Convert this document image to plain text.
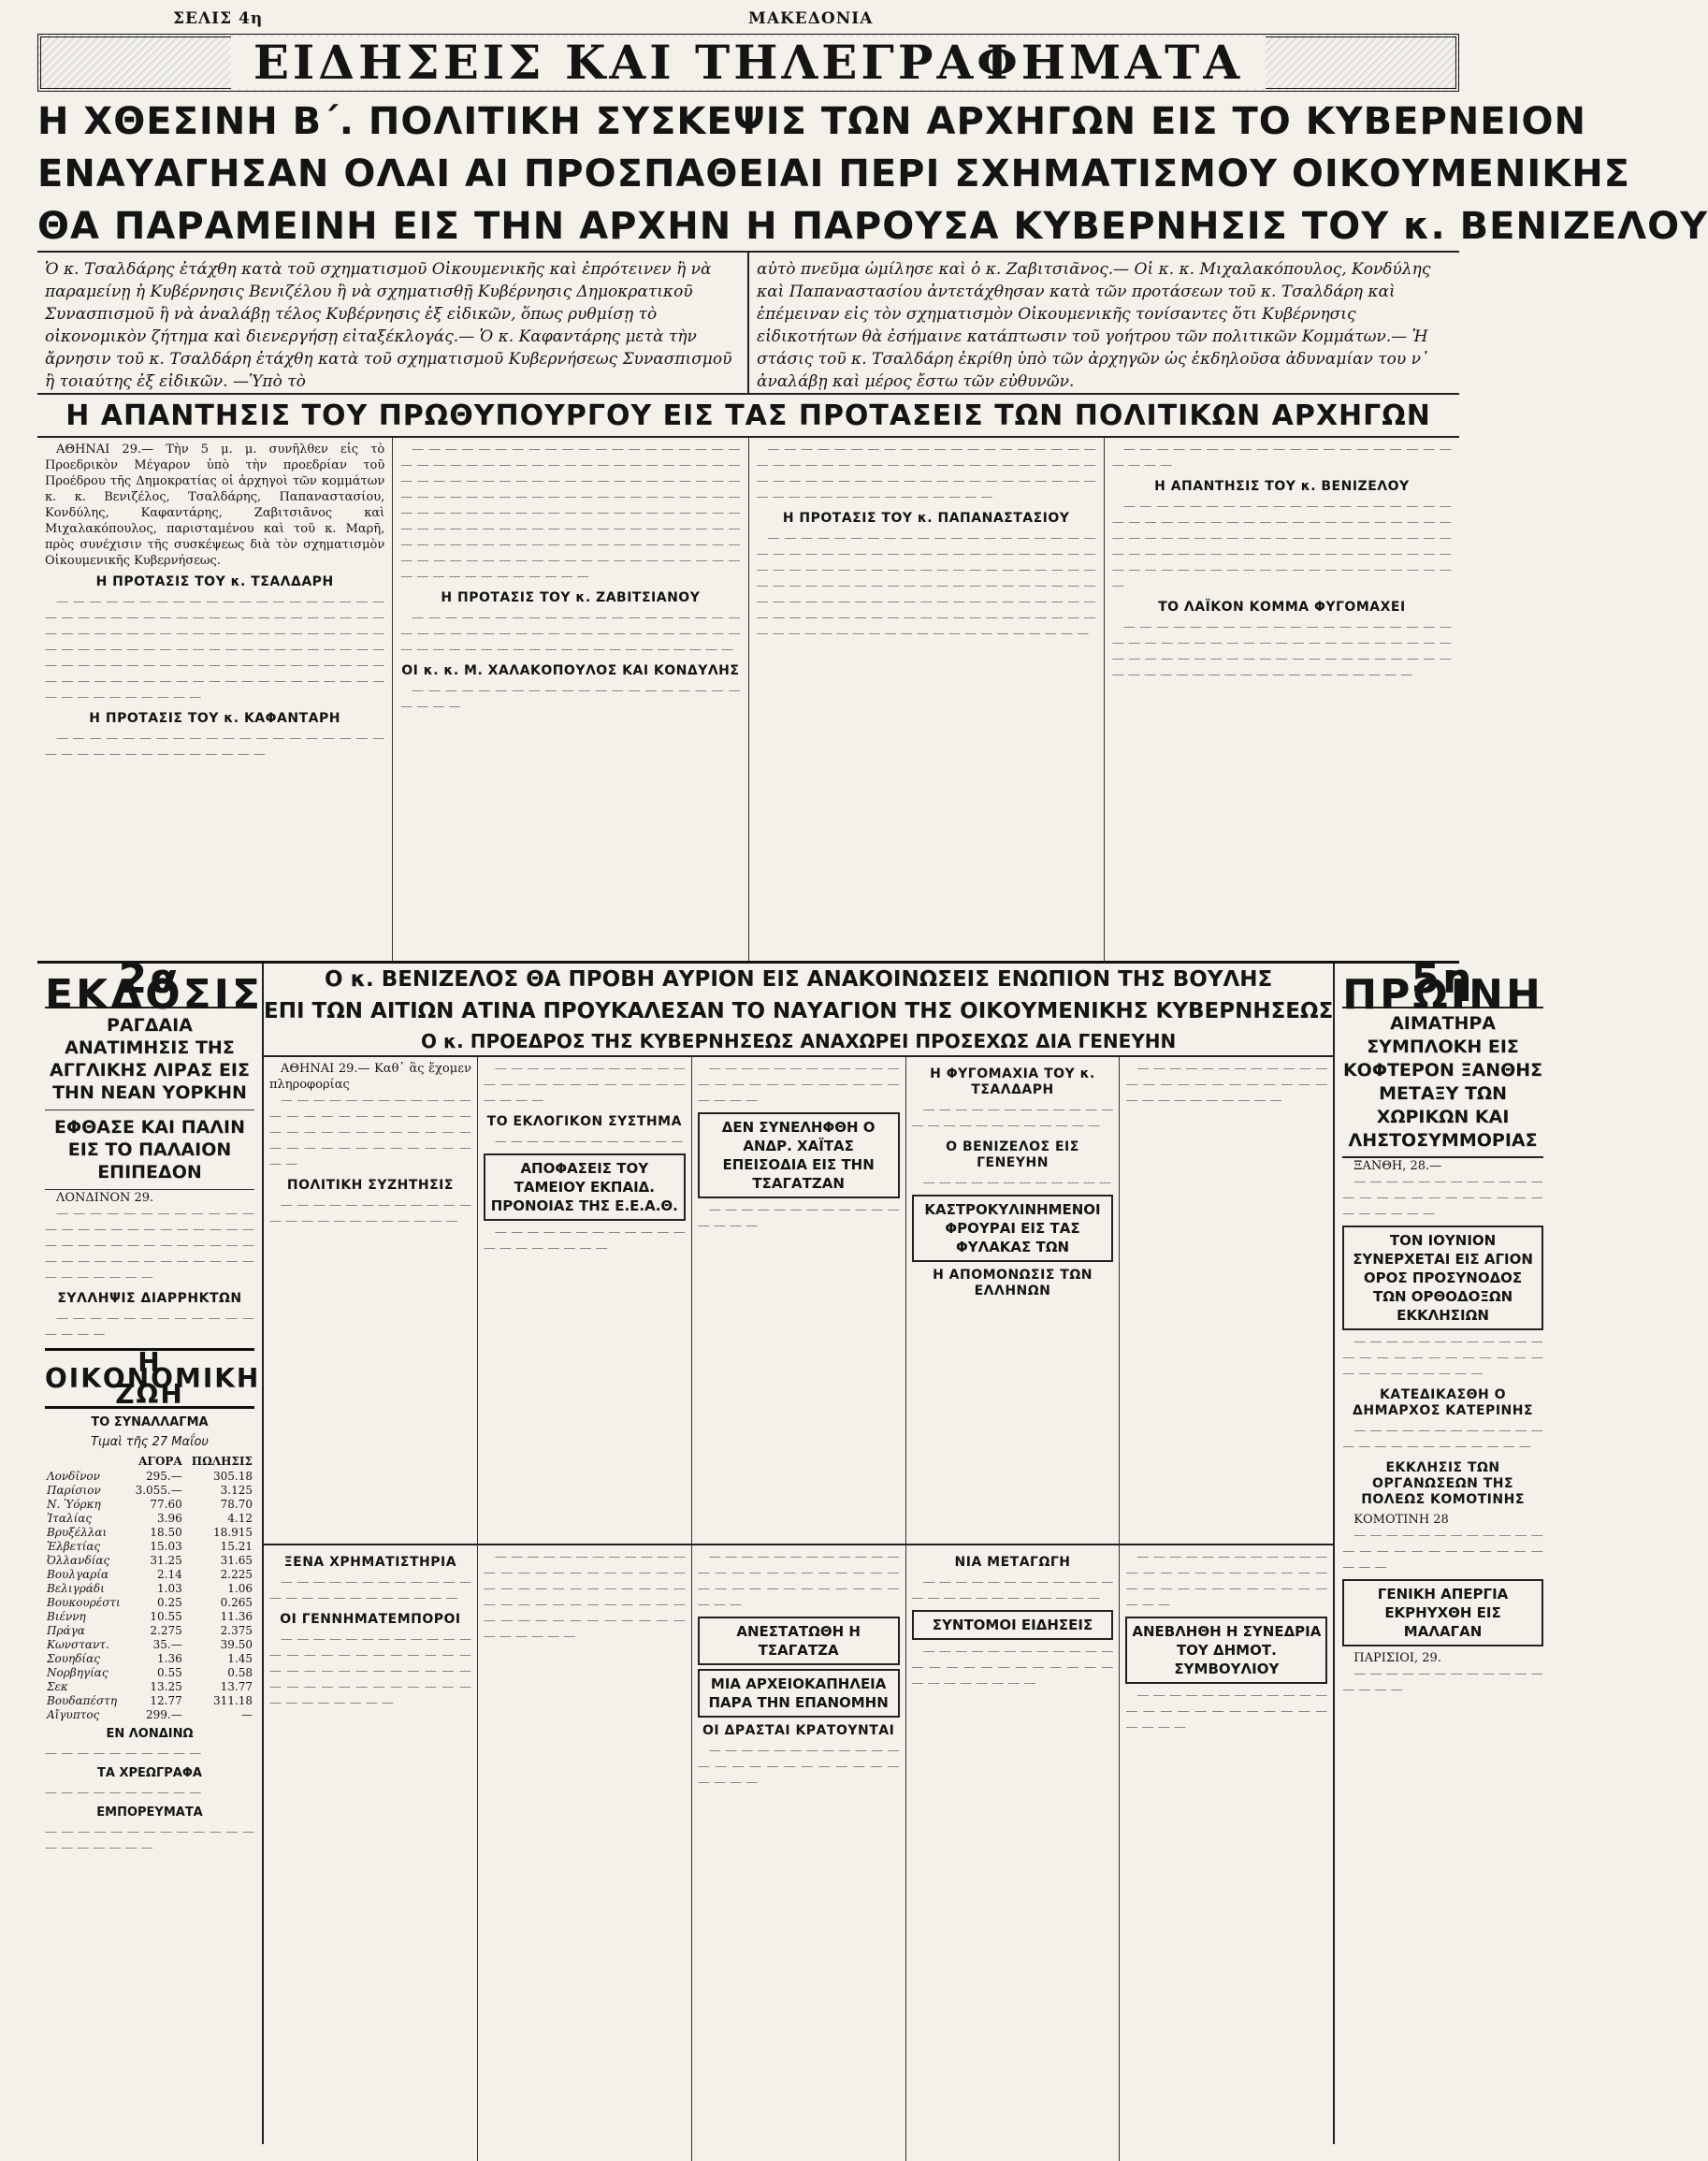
ΣΕΛΙΣ 4η	ΜΑΚΕΔΟΝΙΑ
ΕΙΔΗΣΕΙΣ ΚΑΙ ΤΗΛΕΓΡΑΦΗΜΑΤΑ
Η ΧΘΕΣΙΝΗ Β΄. ΠΟΛΙΤΙΚΗ ΣΥΣΚΕΨΙΣ ΤΩΝ ΑΡΧΗΓΩΝ ΕΙΣ ΤΟ ΚΥΒΕΡΝΕΙΟΝ
ΕΝΑΥΑΓΗΣΑΝ ΟΛΑΙ ΑΙ ΠΡΟΣΠΑΘΕΙΑΙ ΠΕΡΙ ΣΧΗΜΑΤΙΣΜΟΥ ΟΙΚΟΥΜΕΝΙΚΗΣ
ΘΑ ΠΑΡΑΜΕΙΝΗ ΕΙΣ ΤΗΝ ΑΡΧΗΝ Η ΠΑΡΟΥΣΑ ΚΥΒΕΡΝΗΣΙΣ ΤΟΥ κ. ΒΕΝΙΖΕΛΟΥ
Ὁ κ. Τσαλδάρης ἐτάχθη κατὰ τοῦ σχηματισμοῦ Οἰκουμενικῆς καὶ ἐπρότεινεν ἢ νὰ παραμείνῃ ἡ Κυβέρνησις Βενιζέλου ἢ νὰ σχηματισθῇ Κυβέρνησις Δημοκρατικοῦ Συνασπισμοῦ ἢ νὰ ἀναλάβῃ τέλος Κυβέρνησις ἐξ εἰδικῶν, ὅπως ρυθμίσῃ τὸ οἰκονομικὸν ζήτημα καὶ διενεργήσῃ εἰταξέκλογάς.— Ὁ κ. Καφαντάρης μετὰ τὴν ἄρνησιν τοῦ κ. Τσαλδάρη ἐτάχθη κατὰ τοῦ σχηματισμοῦ Κυβερνήσεως Συνασπισμοῦ ἢ τοιαύτης ἐξ εἰδικῶν. —Ὑπὸ τὸ
αὐτὸ πνεῦμα ὡμίλησε καὶ ὁ κ. Ζαβιτσιᾶνος.— Οἱ κ. κ. Μιχαλακόπουλος, Κονδύλης καὶ Παπαναστασίου ἀντετάχθησαν κατὰ τῶν προτάσεων τοῦ κ. Τσαλδάρη καὶ ἐπέμειναν εἰς τὸν σχηματισμὸν Οἰκουμενικῆς τονίσαντες ὅτι Κυβέρνησις εἰδικοτήτων θὰ ἐσήμαινε κατάπτωσιν τοῦ γοήτρου τῶν πολιτικῶν Κομμάτων.— Ἡ στάσις τοῦ κ. Τσαλδάρη ἐκρίθη ὑπὸ τῶν ἀρχηγῶν ὡς ἐκδηλοῦσα ἀδυναμίαν του ν᾽ ἀναλάβῃ καὶ μέρος ἔστω τῶν εὐθυνῶν.
Η ΑΠΑΝΤΗΣΙΣ ΤΟΥ ΠΡΩΘΥΠΟΥΡΓΟΥ ΕΙΣ ΤΑΣ ΠΡΟΤΑΣΕΙΣ ΤΩΝ ΠΟΛΙΤΙΚΩΝ ΑΡΧΗΓΩΝ

ΑΘΗΝΑΙ 29.— Τὴν 5 μ. μ. συνῆλθεν εἰς τὸ Προεδρικὸν Μέγαρον ὑπὸ τὴν προεδρίαν τοῦ Προέδρου τῆς Δημοκρατίας οἱ ἀρχηγοὶ τῶν κομμάτων κ. κ. Βενιζέλος, Τσαλδάρης, Παπαναστασίου, Κονδύλης, Καφαντάρης, Ζαβιτσιᾶνος καὶ Μιχαλακόπουλος, παρισταμένου καὶ τοῦ κ. Μαρῆ, πρὸς συνέχισιν τῆς συσκέψεως διὰ τὸν σχηματισμὸν Οἰκουμενικῆς Κυβερνήσεως.

Η ΠΡΟΤΑΣΙΣ ΤΟΥ κ. ΤΣΑΛΔΑΡΗ

— — — — — — — — — — — — — — — — — — — — — — — — — — — — — — — — — — — — — — — — — — — — — — — — — — — — — — — — — — — — — — — — — — — — — — — — — — — — — — — — — — — — — — — — — — — — — — — — — — — — — — — — — — — — — — — — — — — — — — — — — — — — — — — — — — — — — — —

Η ΠΡΟΤΑΣΙΣ ΤΟΥ κ. ΚΑΦΑΝΤΑΡΗ

— — — — — — — — — — — — — — — — — — — — — — — — — — — — — — — — — —

— — — — — — — — — — — — — — — — — — — — — — — — — — — — — — — — — — — — — — — — — — — — — — — — — — — — — — — — — — — — — — — — — — — — — — — — — — — — — — — — — — — — — — — — — — — — — — — — — — — — — — — — — — — — — — — — — — — — — — — — — — — — — — — — — — — — — — — — — — — — — — — — — — — — — — — — — — — — — — — — — — — — — — — — — — — — — — — — — — —

Η ΠΡΟΤΑΣΙΣ ΤΟΥ κ. ΖΑΒΙΤΣΙΑΝΟΥ

— — — — — — — — — — — — — — — — — — — — — — — — — — — — — — — — — — — — — — — — — — — — — — — — — — — — — — — — — — — — — —

ΟΙ κ. κ. Μ. ΧΑΛΑΚΟΠΟΥΛΟΣ ΚΑΙ ΚΟΝΔΥΛΗΣ

— — — — — — — — — — — — — — — — — — — — — — — —

— — — — — — — — — — — — — — — — — — — — — — — — — — — — — — — — — — — — — — — — — — — — — — — — — — — — — — — — — — — — — — — — — — — — — — — — — — — — —

Η ΠΡΟΤΑΣΙΣ ΤΟΥ κ. ΠΑΠΑΝΑΣΤΑΣΙΟΥ

— — — — — — — — — — — — — — — — — — — — — — — — — — — — — — — — — — — — — — — — — — — — — — — — — — — — — — — — — — — — — — — — — — — — — — — — — — — — — — — — — — — — — — — — — — — — — — — — — — — — — — — — — — — — — — — — — — — — — — — — — — — — — — — — — — — — — — — — — — — — — — — — — —

— — — — — — — — — — — — — — — — — — — — — — — —

Η ΑΠΑΝΤΗΣΙΣ ΤΟΥ κ. ΒΕΝΙΖΕΛΟΥ

— — — — — — — — — — — — — — — — — — — — — — — — — — — — — — — — — — — — — — — — — — — — — — — — — — — — — — — — — — — — — — — — — — — — — — — — — — — — — — — — — — — — — — — — — — — — — — — — — — — — — — — — —

ΤΟ ΛΑΪΚΟΝ ΚΟΜΜΑ ΦΥΓΟΜΑΧΕΙ

— — — — — — — — — — — — — — — — — — — — — — — — — — — — — — — — — — — — — — — — — — — — — — — — — — — — — — — — — — — — — — — — — — — — — — — — — — — — — — — — —

2α ΕΚΔΟΣΙΣ
ΡΑΓΔΑΙΑ ΑΝΑΤΙΜΗΣΙΣ ΤΗΣ ΑΓΓΛΙΚΗΣ ΛΙΡΑΣ ΕΙΣ ΤΗΝ ΝΕΑΝ ΥΟΡΚΗΝ
ΕΦΘΑΣΕ ΚΑΙ ΠΑΛΙΝ ΕΙΣ ΤΟ ΠΑΛΑΙΟΝ ΕΠΙΠΕΔΟΝ

ΛΟΝΔΙΝΟΝ 29.

— — — — — — — — — — — — — — — — — — — — — — — — — — — — — — — — — — — — — — — — — — — — — — — — — — — — — — — — — —

ΣΥΛΛΗΨΙΣ ΔΙΑΡΡΗΚΤΩΝ

— — — — — — — — — — — — — — — —

Η ΟΙΚΟΝΟΜΙΚΗ ΖΩΗ
ΤΟ ΣΥΝΑΛΛΑΓΜΑ
Τιμαὶ τῆς 27 Μαΐου
	ΑΓΟΡΑ	ΠΩΛΗΣΙΣ
Λονδῖνον	295.—	305.18
Παρίσιον	3.055.—	3.125
Ν. Ὑόρκη	77.60	78.70
Ἰταλίας	3.96	4.12
Βρυξέλλαι	18.50	18.915
Ἑλβετίας	15.03	15.21
Ὀλλανδίας	31.25	31.65
Βουλγαρία	2.14	2.225
Βελιγράδι	1.03	1.06
Βουκουρέστι	0.25	0.265
Βιέννη	10.55	11.36
Πράγα	2.275	2.375
Κωνσταντ.	35.—	39.50
Σουηδίας	1.36	1.45
Νορβηγίας	0.55	0.58
Σεκ	13.25	13.77
Βουδαπέστη	12.77	311.18
Αἴγυπτος	299.—	—
ΕΝ ΛΟΝΔΙΝΩ

— — — — — — — — — —

ΤΑ ΧΡΕΩΓΡΑΦΑ

— — — — — — — — — —

ΕΜΠΟΡΕΥΜΑΤΑ

— — — — — — — — — — — — — — — — — — — —

Ο κ. ΒΕΝΙΖΕΛΟΣ ΘΑ ΠΡΟΒΗ ΑΥΡΙΟΝ ΕΙΣ ΑΝΑΚΟΙΝΩΣΕΙΣ ΕΝΩΠΙΟΝ ΤΗΣ ΒΟΥΛΗΣ
ΕΠΙ ΤΩΝ ΑΙΤΙΩΝ ΑΤΙΝΑ ΠΡΟΥΚΑΛΕΣΑΝ ΤΟ ΝΑΥΑΓΙΟΝ ΤΗΣ ΟΙΚΟΥΜΕΝΙΚΗΣ ΚΥΒΕΡΝΗΣΕΩΣ
Ο κ. ΠΡΟΕΔΡΟΣ ΤΗΣ ΚΥΒΕΡΝΗΣΕΩΣ ΑΝΑΧΩΡΕΙ ΠΡΟΣΕΧΩΣ ΔΙΑ ΓΕΝΕΥΗΝ

ΑΘΗΝΑΙ 29.— Καθ᾽ ἃς ἔχομεν πληροφορίας

— — — — — — — — — — — — — — — — — — — — — — — — — — — — — — — — — — — — — — — — — — — — — — — — — —

ΠΟΛΙΤΙΚΗ ΣΥΖΗΤΗΣΙΣ

— — — — — — — — — — — — — — — — — — — — — — — —

— — — — — — — — — — — — — — — — — — — — — — — — — — — —

ΤΟ ΕΚΛΟΓΙΚΟΝ ΣΥΣΤΗΜΑ

— — — — — — — — — — — —

ΑΠΟΦΑΣΕΙΣ ΤΟΥ ΤΑΜΕΙΟΥ ΕΚΠΑΙΔ. ΠΡΟΝΟΙΑΣ ΤΗΣ Ε.Ε.Α.Θ.

— — — — — — — — — — — — — — — — — — — —

— — — — — — — — — — — — — — — — — — — — — — — — — — — —

ΔΕΝ ΣΥΝΕΛΗΦΘΗ Ο ΑΝΔΡ. ΧΑΪΤΑΣ ΕΠΕΙΣΟΔΙΑ ΕΙΣ ΤΗΝ ΤΣΑΓΑΤΖΑΝ

— — — — — — — — — — — — — — — —

Η ΦΥΓΟΜΑΧΙΑ ΤΟΥ κ. ΤΣΑΛΔΑΡΗ

— — — — — — — — — — — — — — — — — — — — — — — —

Ο ΒΕΝΙΖΕΛΟΣ ΕΙΣ ΓΕΝΕΥΗΝ

— — — — — — — — — — — —

ΚΑΣΤΡΟΚΥΛΙΝΗΜΕΝΟΙ ΦΡΟΥΡΑΙ ΕΙΣ ΤΑΣ ΦΥΛΑΚΑΣ ΤΩΝ
Η ΑΠΟΜΟΝΩΣΙΣ ΤΩΝ ΕΛΛΗΝΩΝ

— — — — — — — — — — — — — — — — — — — — — — — — — — — — — — — — — —

ΞΕΝΑ ΧΡΗΜΑΤΙΣΤΗΡΙΑ

— — — — — — — — — — — — — — — — — — — — — — — —

ΟΙ ΓΕΝΝΗΜΑΤΕΜΠΟΡΟΙ

— — — — — — — — — — — — — — — — — — — — — — — — — — — — — — — — — — — — — — — — — — — — — — — — — — — — — — — —

— — — — — — — — — — — — — — — — — — — — — — — — — — — — — — — — — — — — — — — — — — — — — — — — — — — — — — — — — — — — — — — — — —

— — — — — — — — — — — — — — — — — — — — — — — — — — — — — — — — — — — — — — —

ΑΝΕΣΤΑΤΩΘΗ Η ΤΣΑΓΑΤΖΑ
ΜΙΑ ΑΡΧΕΙΟΚΑΠΗΛΕΙΑ ΠΑΡΑ ΤΗΝ ΕΠΑΝΟΜΗΝ
ΟΙ ΔΡΑΣΤΑΙ ΚΡΑΤΟΥΝΤΑΙ

— — — — — — — — — — — — — — — — — — — — — — — — — — — —

ΝΙΑ ΜΕΤΑΓΩΓΗ

— — — — — — — — — — — — — — — — — — — — — — — —

ΣΥΝΤΟΜΟΙ ΕΙΔΗΣΕΙΣ

— — — — — — — — — — — — — — — — — — — — — — — — — — — — — — — —

— — — — — — — — — — — — — — — — — — — — — — — — — — — — — — — — — — — — — — —

ΑΝΕΒΛΗΘΗ Η ΣΥΝΕΔΡΙΑ ΤΟΥ ΔΗΜΟΤ. ΣΥΜΒΟΥΛΙΟΥ

— — — — — — — — — — — — — — — — — — — — — — — — — — — —

5η ΠΡΩΪΝΗ
ΑΙΜΑΤΗΡΑ ΣΥΜΠΛΟΚΗ ΕΙΣ ΚΟΦΤΕΡΟΝ ΞΑΝΘΗΣ ΜΕΤΑΞΥ ΤΩΝ ΧΩΡΙΚΩΝ ΚΑΙ ΛΗΣΤΟΣΥΜΜΟΡΙΑΣ

ΞΑΝΘΗ, 28.—

— — — — — — — — — — — — — — — — — — — — — — — — — — — — — —

ΤΟΝ ΙΟΥΝΙΟΝ ΣΥΝΕΡΧΕΤΑΙ ΕΙΣ ΑΓΙΟΝ ΟΡΟΣ ΠΡΟΣΥΝΟΔΟΣ ΤΩΝ ΟΡΘΟΔΟΞΩΝ ΕΚΚΛΗΣΙΩΝ

— — — — — — — — — — — — — — — — — — — — — — — — — — — — — — — — —

ΚΑΤΕΔΙΚΑΣΘΗ Ο ΔΗΜΑΡΧΟΣ ΚΑΤΕΡΙΝΗΣ

— — — — — — — — — — — — — — — — — — — — — — — —

ΕΚΚΛΗΣΙΣ ΤΩΝ ΟΡΓΑΝΩΣΕΩΝ ΤΗΣ ΠΟΛΕΩΣ ΚΟΜΟΤΙΝΗΣ

ΚΟΜΟΤΙΝΗ 28

— — — — — — — — — — — — — — — — — — — — — — — — — — —

ΓΕΝΙΚΗ ΑΠΕΡΓΙΑ ΕΚΡΗΥΧΘΗ ΕΙΣ ΜΑΛΑΓΑΝ

ΠΑΡΙΣΙΟΙ, 29.

— — — — — — — — — — — — — — — —
